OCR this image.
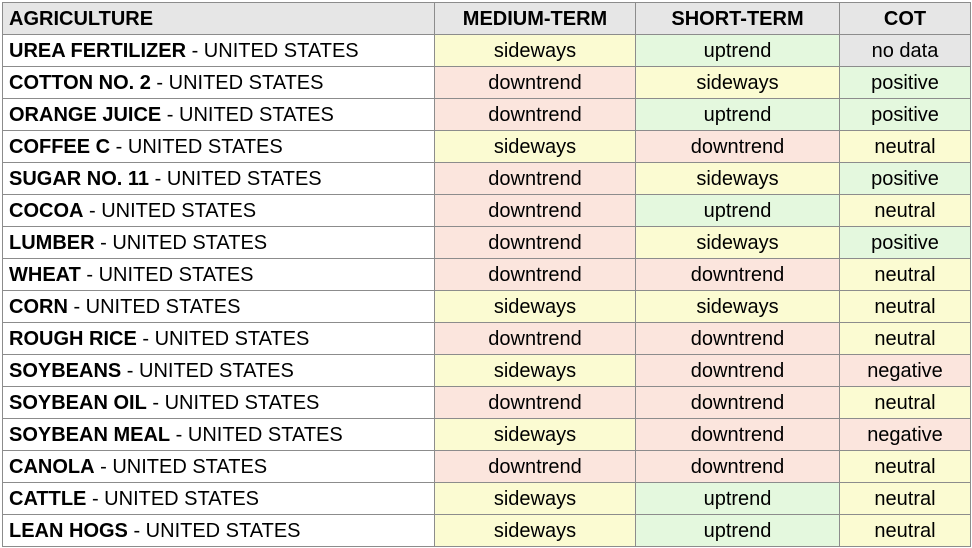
AGRICULTURE	MEDIUM-TERM	SHORT-TERM	COT
UREA FERTILIZER - UNITED STATES	sideways	uptrend	no data
COTTON NO. 2 - UNITED STATES	downtrend	sideways	positive
ORANGE JUICE - UNITED STATES	downtrend	uptrend	positive
COFFEE C - UNITED STATES	sideways	downtrend	neutral
SUGAR NO. 11 - UNITED STATES	downtrend	sideways	positive
COCOA - UNITED STATES	downtrend	uptrend	neutral
LUMBER - UNITED STATES	downtrend	sideways	positive
WHEAT - UNITED STATES	downtrend	downtrend	neutral
CORN - UNITED STATES	sideways	sideways	neutral
ROUGH RICE - UNITED STATES	downtrend	downtrend	neutral
SOYBEANS - UNITED STATES	sideways	downtrend	negative
SOYBEAN OIL - UNITED STATES	downtrend	downtrend	neutral
SOYBEAN MEAL - UNITED STATES	sideways	downtrend	negative
CANOLA - UNITED STATES	downtrend	downtrend	neutral
CATTLE - UNITED STATES	sideways	uptrend	neutral
LEAN HOGS - UNITED STATES	sideways	uptrend	neutral
